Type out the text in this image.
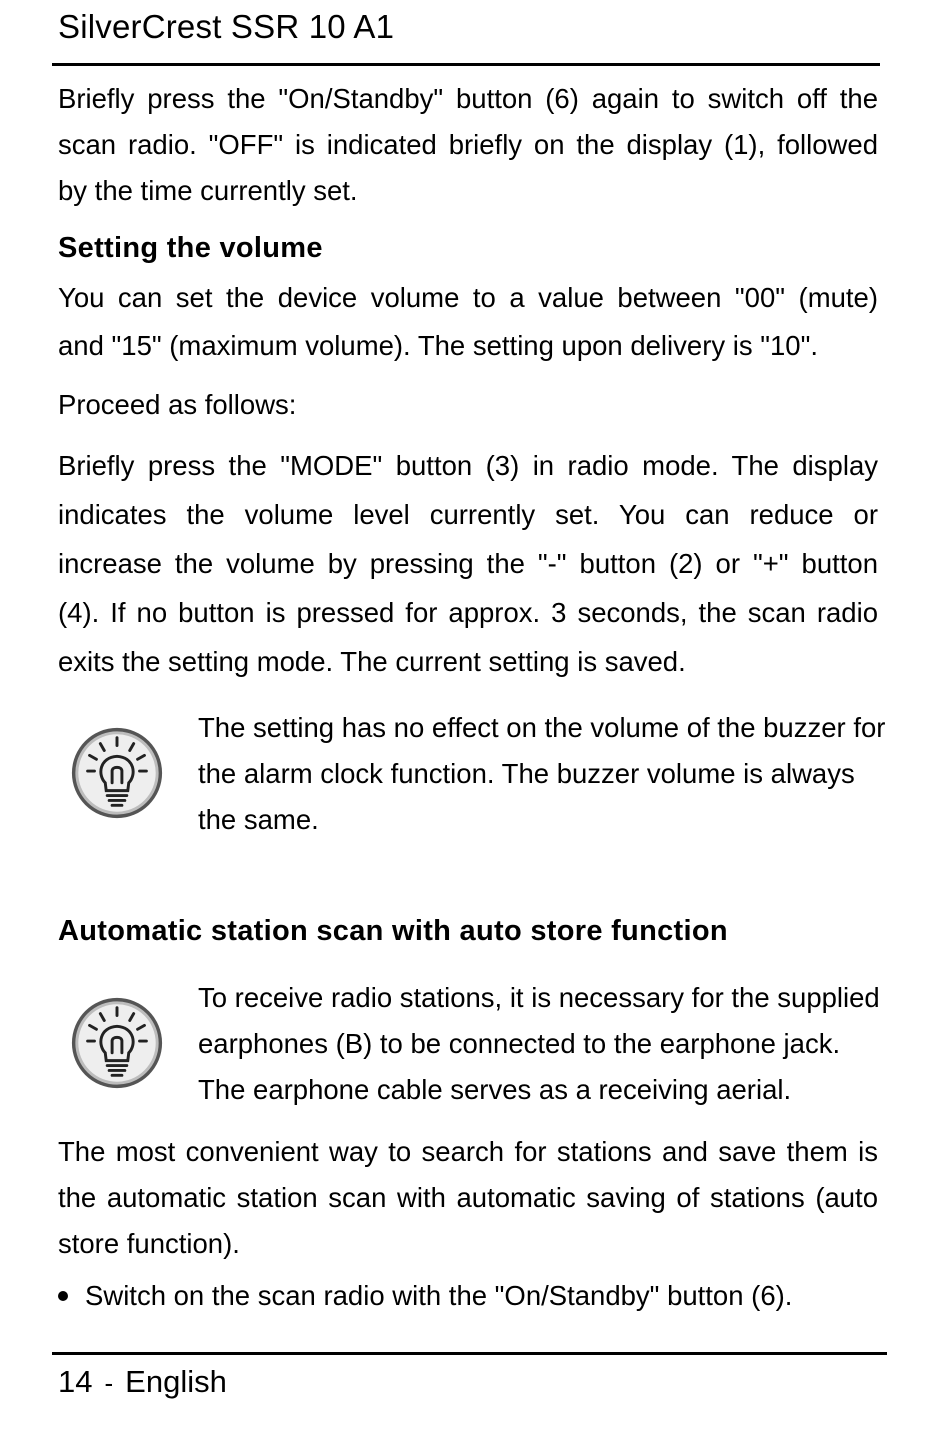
SilverCrest SSR 10 A1
Briefly press the "On/Standby" button (6) again to switch off the
scan radio. "OFF" is indicated briefly on the display (1), followed
by the time currently set.
Setting the volume
You can set the device volume to a value between "00" (mute)
and "15" (maximum volume). The setting upon delivery is "10".
Proceed as follows:
Briefly press the "MODE" button (3) in radio mode. The display
indicates the volume level currently set. You can reduce or
increase the volume by pressing the "-" button (2) or "+" button
(4). If no button is pressed for approx. 3 seconds, the scan radio
exits the setting mode. The current setting is saved.
The setting has no effect on the volume of the buzzer for
the alarm clock function. The buzzer volume is always
the same.
Automatic station scan with auto store function
To receive radio stations, it is necessary for the supplied
earphones (B) to be connected to the earphone jack.
The earphone cable serves as a receiving aerial.
The most convenient way to search for stations and save them is
the automatic station scan with automatic saving of stations (auto
store function).
Switch on the scan radio with the "On/Standby" button (6).
14 - English
